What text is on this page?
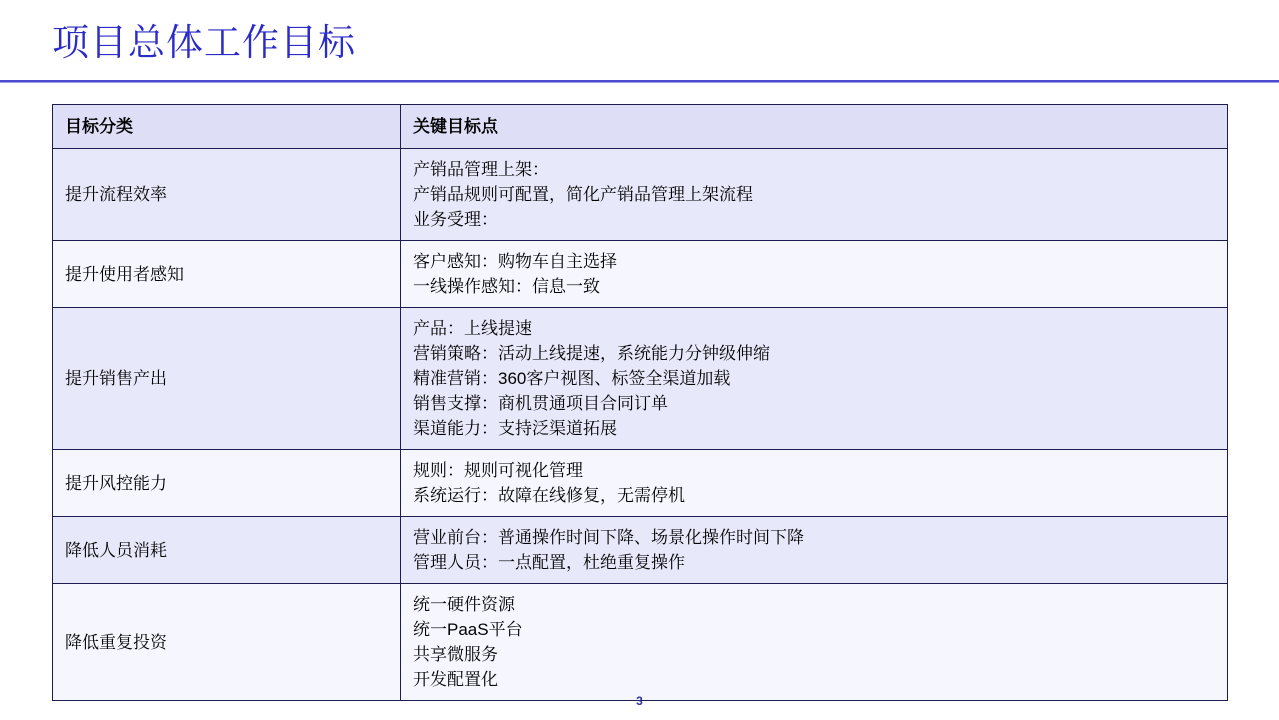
项目总体工作目标
目标分类	关键目标点
提升流程效率	产销品管理上架：
产销品规则可配置，简化产销品管理上架流程
业务受理：

提升使用者感知	客户感知：购物车自主选择
一线操作感知：信息一致

提升销售产出	产品：上线提速
营销策略：活动上线提速，系统能力分钟级伸缩
精准营销：360客户视图、标签全渠道加载
销售支撑：商机贯通项目合同订单
渠道能力：支持泛渠道拓展

提升风控能力	规则：规则可视化管理
系统运行：故障在线修复，无需停机

降低人员消耗	营业前台：普通操作时间下降、场景化操作时间下降
管理人员：一点配置，杜绝重复操作

降低重复投资	统一硬件资源
统一PaaS平台
共享微服务
开发配置化
3
